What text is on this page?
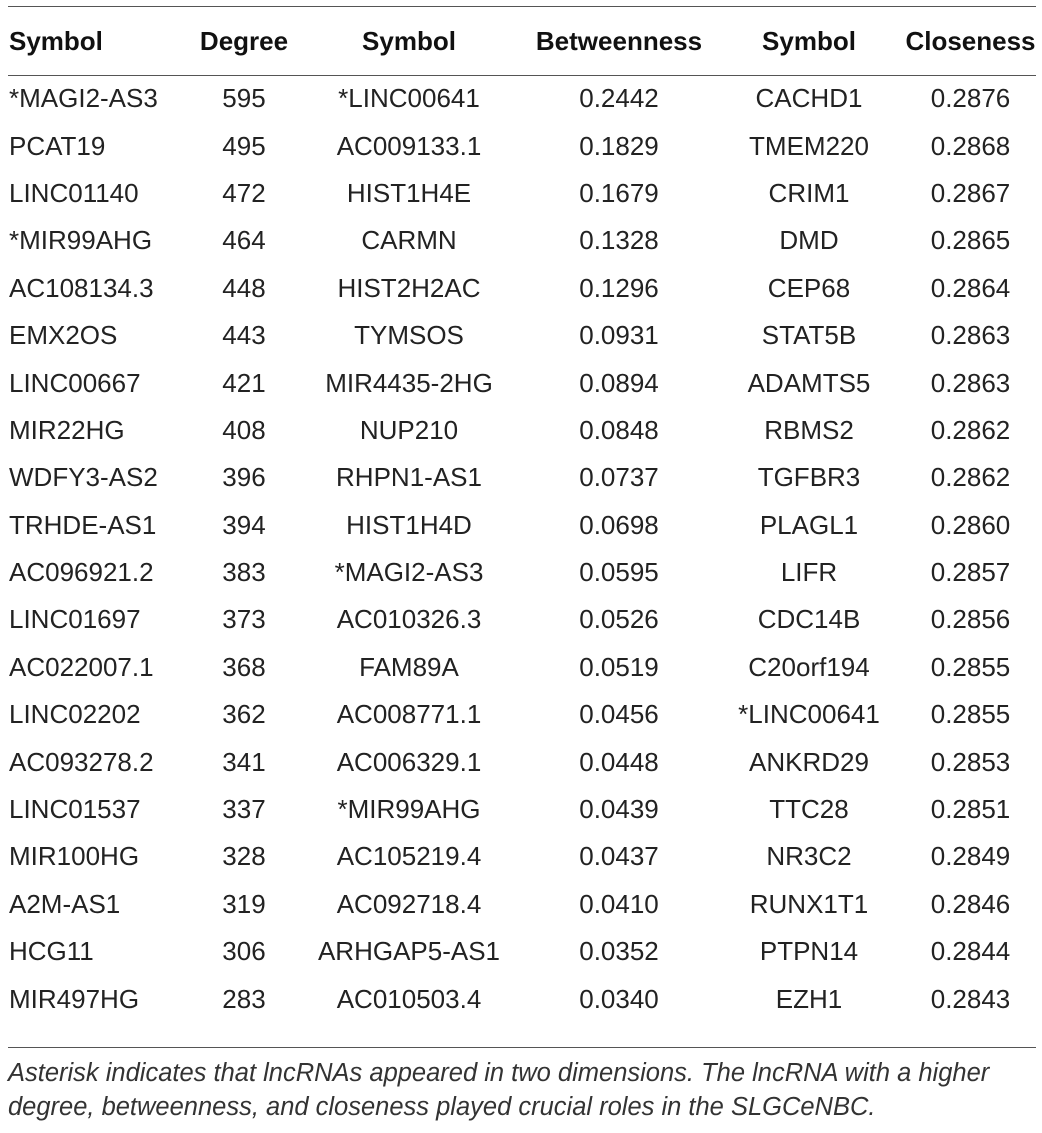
Symbol	Degree	Symbol	Betweenness	Symbol	Closeness
*MAGI2-AS3	595	*LINC00641	0.2442	CACHD1	0.2876
PCAT19	495	AC009133.1	0.1829	TMEM220	0.2868
LINC01140	472	HIST1H4E	0.1679	CRIM1	0.2867
*MIR99AHG	464	CARMN	0.1328	DMD	0.2865
AC108134.3	448	HIST2H2AC	0.1296	CEP68	0.2864
EMX2OS	443	TYMSOS	0.0931	STAT5B	0.2863
LINC00667	421	MIR4435-2HG	0.0894	ADAMTS5	0.2863
MIR22HG	408	NUP210	0.0848	RBMS2	0.2862
WDFY3-AS2	396	RHPN1-AS1	0.0737	TGFBR3	0.2862
TRHDE-AS1	394	HIST1H4D	0.0698	PLAGL1	0.2860
AC096921.2	383	*MAGI2-AS3	0.0595	LIFR	0.2857
LINC01697	373	AC010326.3	0.0526	CDC14B	0.2856
AC022007.1	368	FAM89A	0.0519	C20orf194	0.2855
LINC02202	362	AC008771.1	0.0456	*LINC00641	0.2855
AC093278.2	341	AC006329.1	0.0448	ANKRD29	0.2853
LINC01537	337	*MIR99AHG	0.0439	TTC28	0.2851
MIR100HG	328	AC105219.4	0.0437	NR3C2	0.2849
A2M-AS1	319	AC092718.4	0.0410	RUNX1T1	0.2846
HCG11	306	ARHGAP5-AS1	0.0352	PTPN14	0.2844
MIR497HG	283	AC010503.4	0.0340	EZH1	0.2843
Asterisk indicates that lncRNAs appeared in two dimensions. The lncRNA with a higher degree, betweenness, and closeness played crucial roles in the SLGCeNBC.
